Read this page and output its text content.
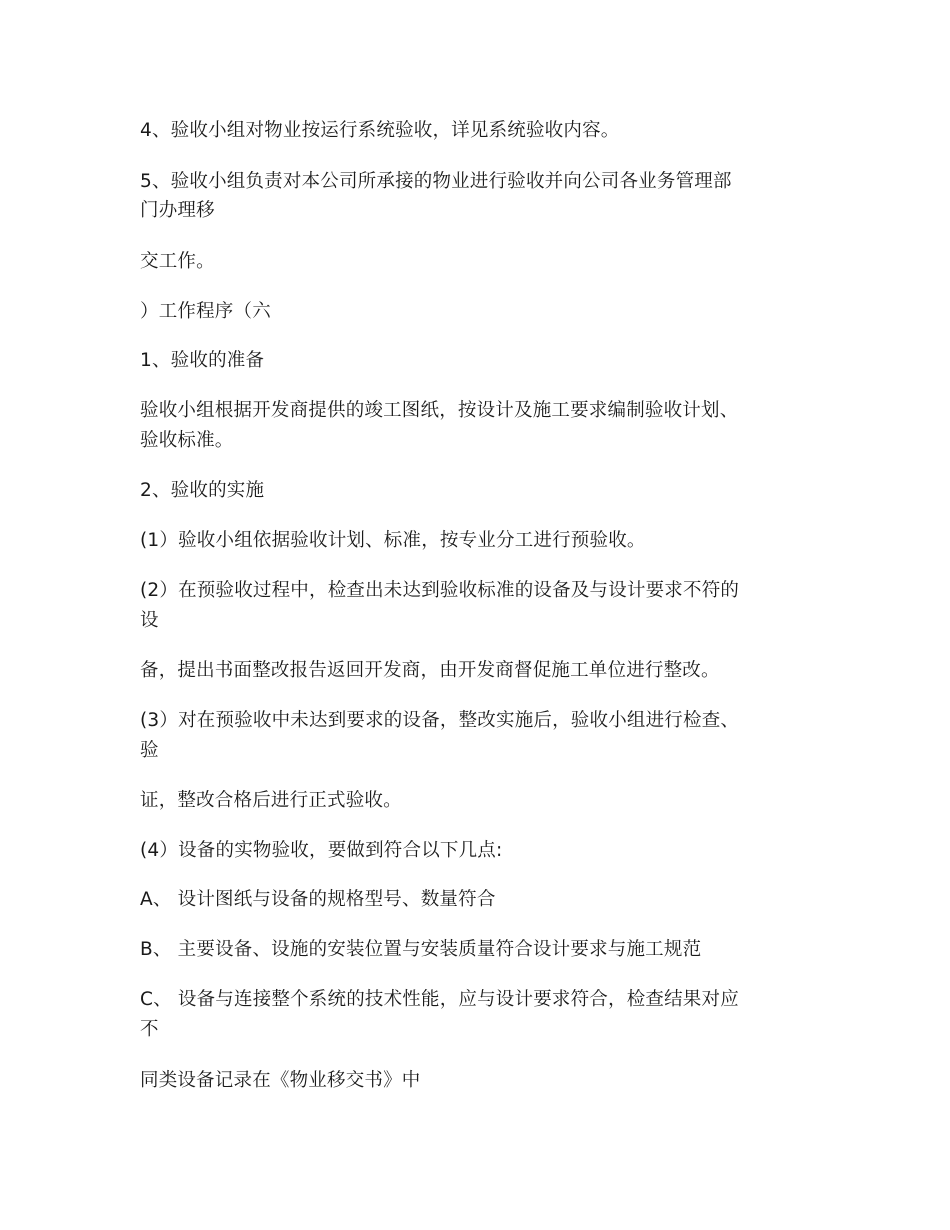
4、验收小组对物业按运行系统验收，详见系统验收内容。
5、验收小组负责对本公司所承接的物业进行验收并向公司各业务管理部
门办理移
交工作。
）工作程序（六
1、验收的准备
验收小组根据开发商提供的竣工图纸，按设计及施工要求编制验收计划、
验收标准。
2、验收的实施
(1）验收小组依据验收计划、标准，按专业分工进行预验收。
(2）在预验收过程中，检查出未达到验收标准的设备及与设计要求不符的
设
备，提出书面整改报告返回开发商，由开发商督促施工单位进行整改。
(3）对在预验收中未达到要求的设备，整改实施后，验收小组进行检查、
验
证，整改合格后进行正式验收。
(4）设备的实物验收，要做到符合以下几点:
A、 设计图纸与设备的规格型号、数量符合
B、 主要设备、设施的安装位置与安装质量符合设计要求与施工规范
C、 设备与连接整个系统的技术性能，应与设计要求符合，检查结果对应
不
同类设备记录在《物业移交书》中
